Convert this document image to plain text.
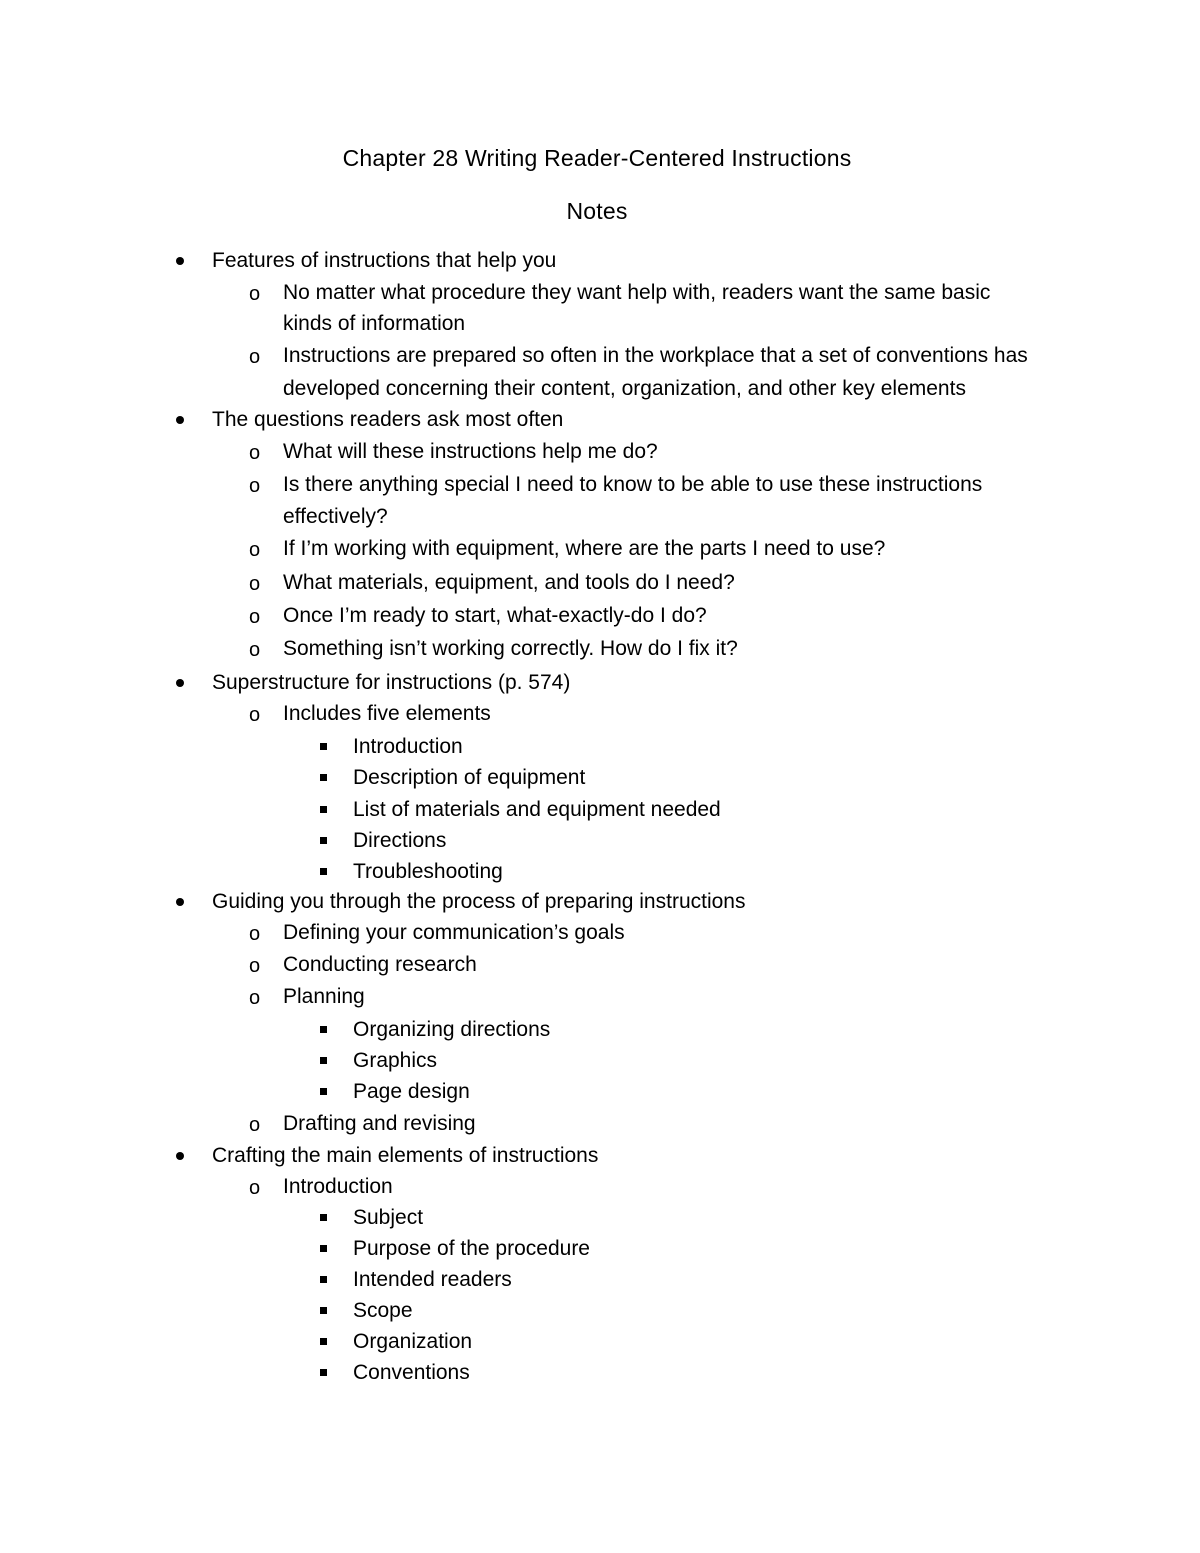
Chapter 28 Writing Reader-Centered Instructions
Notes
Features of instructions that help you
No matter what procedure they want help with, readers want the same basic
o
kinds of information
Instructions are prepared so often in the workplace that a set of conventions has
o
developed concerning their content, organization, and other key elements
The questions readers ask most often
What will these instructions help me do?
o
Is there anything special I need to know to be able to use these instructions
o
effectively?
If I’m working with equipment, where are the parts I need to use?
o
What materials, equipment, and tools do I need?
o
Once I’m ready to start, what-exactly-do I do?
o
Something isn’t working correctly. How do I fix it?
o
Superstructure for instructions (p. 574)
Includes five elements
o
Introduction
Description of equipment
List of materials and equipment needed
Directions
Troubleshooting
Guiding you through the process of preparing instructions
Defining your communication’s goals
o
Conducting research
o
Planning
o
Organizing directions
Graphics
Page design
Drafting and revising
o
Crafting the main elements of instructions
Introduction
o
Subject
Purpose of the procedure
Intended readers
Scope
Organization
Conventions
